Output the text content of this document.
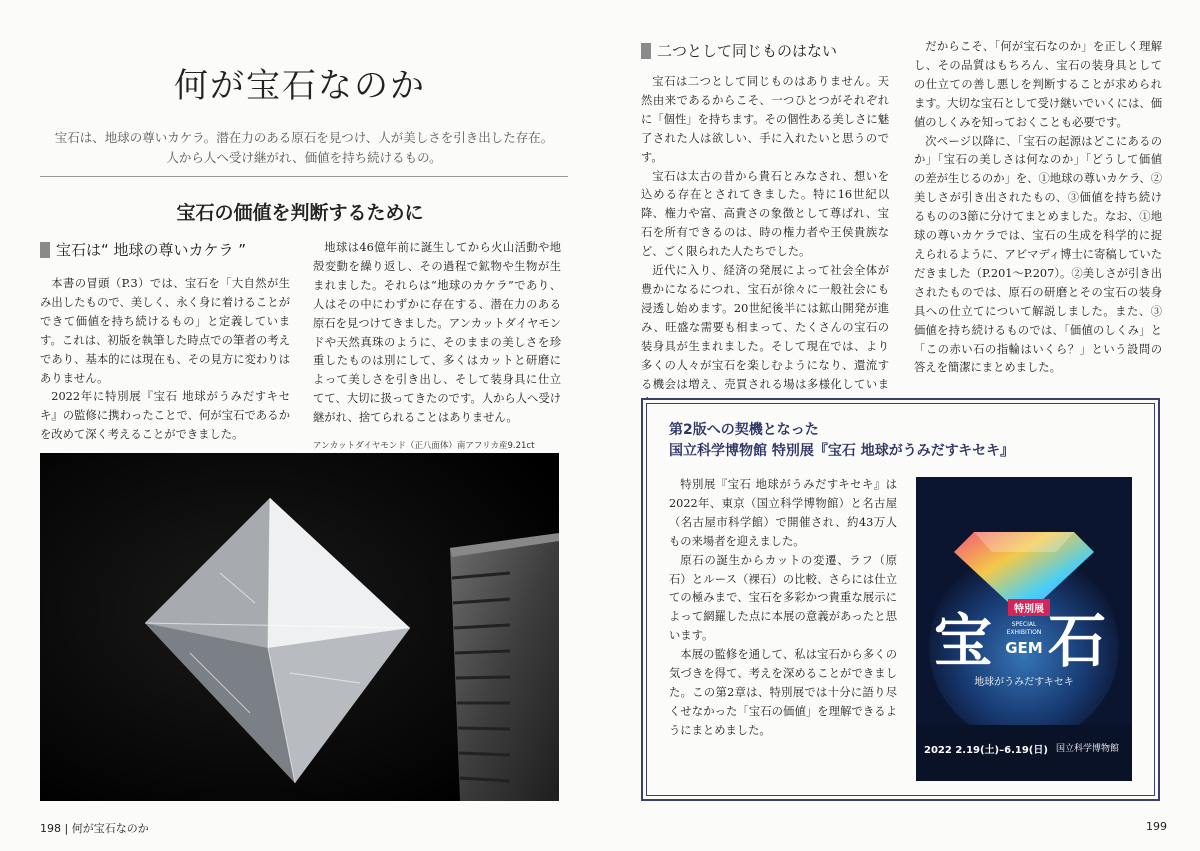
何が宝石なのか
宝石は、地球の尊いカケラ。潜在力のある原石を見つけ、人が美しさを引き出した存在。
人から人へ受け継がれ、価値を持ち続けるもの。
宝石の価値を判断するために
宝石は“ 地球の尊いカケラ ”

本書の冒頭（P.3）では、宝石を「大自然が生み出したもので、美しく、永く身に着けることができて価値を持ち続けるもの」と定義しています。これは、初版を執筆した時点での筆者の考えであり、基本的には現在も、その見方に変わりはありません。

2022年に特別展『宝石 地球がうみだすキセキ』の監修に携わったことで、何が宝石であるかを改めて深く考えることができました。

地球は46億年前に誕生してから火山活動や地殻変動を繰り返し、その過程で鉱物や生物が生まれました。それらは“地球のカケラ”であり、人はその中にわずかに存在する、潜在力のある原石を見つけてきました。アンカットダイヤモンドや天然真珠のように、そのままの美しさを珍重したものは別にして、多くはカットと研磨によって美しさを引き出し、そして装身具に仕立てて、大切に扱ってきたのです。人から人へ受け継がれ、捨てられることはありません。

アンカットダイヤモンド（正八面体）南アフリカ産9.21ct
198 | 何が宝石なのか
二つとして同じものはない

宝石は二つとして同じものはありません。天然由来であるからこそ、一つひとつがそれぞれに「個性」を持ちます。その個性ある美しさに魅了された人は欲しい、手に入れたいと思うのです。

宝石は太古の昔から貴石とみなされ、想いを込める存在とされてきました。特に16世紀以降、権力や富、高貴さの象徴として尊ばれ、宝石を所有できるのは、時の権力者や王侯貴族など、ごく限られた人たちでした。

近代に入り、経済の発展によって社会全体が豊かになるにつれ、宝石が徐々に一般社会にも浸透し始めます。20世紀後半には鉱山開発が進み、旺盛な需要も相まって、たくさんの宝石の装身具が生まれました。そして現在では、より多くの人々が宝石を楽しむようになり、還流する機会は増え、売買される場は多様化していま

だからこそ、「何が宝石なのか」を正しく理解し、その品質はもちろん、宝石の装身具としての仕立ての善し悪しを判断することが求められます。大切な宝石として受け継いでいくには、価値のしくみを知っておくことも必要です。

次ページ以降に、「宝石の起源はどこにあるのか」「宝石の美しさは何なのか」「どうして価値の差が生じるのか」を、①地球の尊いカケラ、②美しさが引き出されたもの、③価値を持ち続けるものの3節に分けてまとめました。なお、①地球の尊いカケラでは、宝石の生成を科学的に捉えられるように、アビマディ博士に寄稿していただきました（P.201〜P.207）。②美しさが引き出されたものでは、原石の研磨とその宝石の装身具への仕立てについて解説しました。また、③価値を持ち続けるものでは、「価値のしくみ」と「この赤い石の指輪はいくら？」という設問の答えを簡潔にまとめました。

第2版への契機となった
国立科学博物館 特別展『宝石 地球がうみだすキセキ』

特別展『宝石 地球がうみだすキセキ』は2022年、東京（国立科学博物館）と名古屋（名古屋市科学館）で開催され、約43万人もの来場者を迎えました。

原石の誕生からカットの変遷、ラフ（原石）とルース（裸石）の比較、さらには仕立ての極みまで、宝石を多彩かつ貴重な展示によって網羅した点に本展の意義があったと思います。

本展の監修を通して、私は宝石から多くの気づきを得て、考えを深めることができました。この第2章は、特別展では十分に語り尽くせなかった「宝石の価値」を理解できるようにまとめました。

特別展
宝 石
SPECIAL EXHIBITION
GEM
地球がうみだすキセキ
2022 2.19(土)–6.19(日) 国立科学博物館
199
